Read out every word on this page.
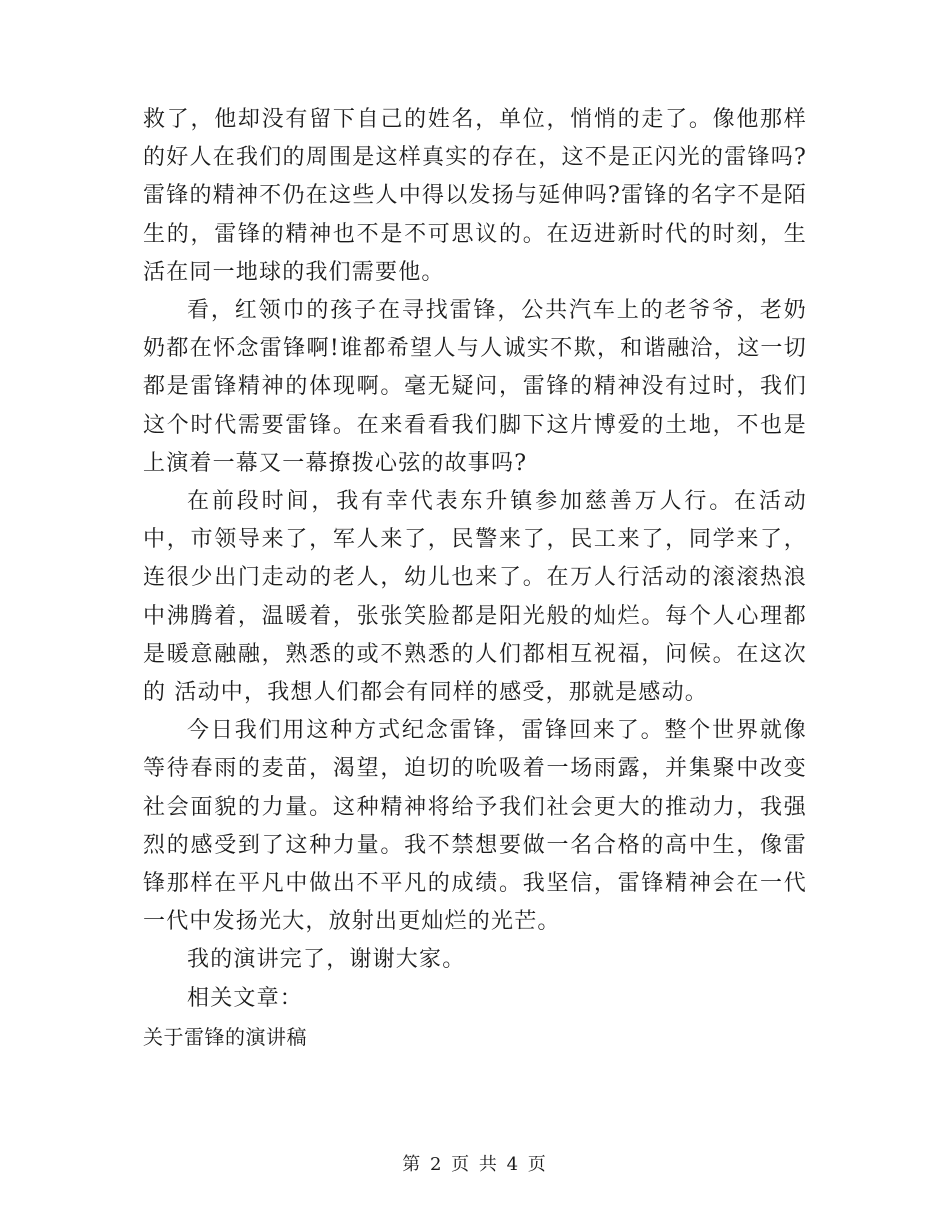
救了，他却没有留下自己的姓名，单位，悄悄的走了。像他那样的好人在我们的周围是这样真实的存在，这不是正闪光的雷锋吗?雷锋的精神不仍在这些人中得以发扬与延伸吗?雷锋的名字不是陌生的，雷锋的精神也不是不可思议的。在迈进新时代的时刻，生活在同一地球的我们需要他。

看，红领巾的孩子在寻找雷锋，公共汽车上的老爷爷，老奶奶都在怀念雷锋啊!谁都希望人与人诚实不欺，和谐融洽，这一切都是雷锋精神的体现啊。毫无疑问，雷锋的精神没有过时，我们这个时代需要雷锋。在来看看我们脚下这片博爱的土地，不也是上演着一幕又一幕撩拨心弦的故事吗?

在前段时间，我有幸代表东升镇参加慈善万人行。在活动中，市领导来了，军人来了，民警来了，民工来了，同学来了，连很少出门走动的老人，幼儿也来了。在万人行活动的滚滚热浪中沸腾着，温暖着，张张笑脸都是阳光般的灿烂。每个人心理都是暖意融融，熟悉的或不熟悉的人们都相互祝福，问候。在这次的 活动中，我想人们都会有同样的感受，那就是感动。

今日我们用这种方式纪念雷锋，雷锋回来了。整个世界就像等待春雨的麦苗，渴望，迫切的吮吸着一场雨露，并集聚中改变社会面貌的力量。这种精神将给予我们社会更大的推动力，我强烈的感受到了这种力量。我不禁想要做一名合格的高中生，像雷锋那样在平凡中做出不平凡的成绩。我坚信，雷锋精神会在一代一代中发扬光大，放射出更灿烂的光芒。

我的演讲完了，谢谢大家。

相关文章：

关于雷锋的演讲稿

第 2 页 共 4 页
